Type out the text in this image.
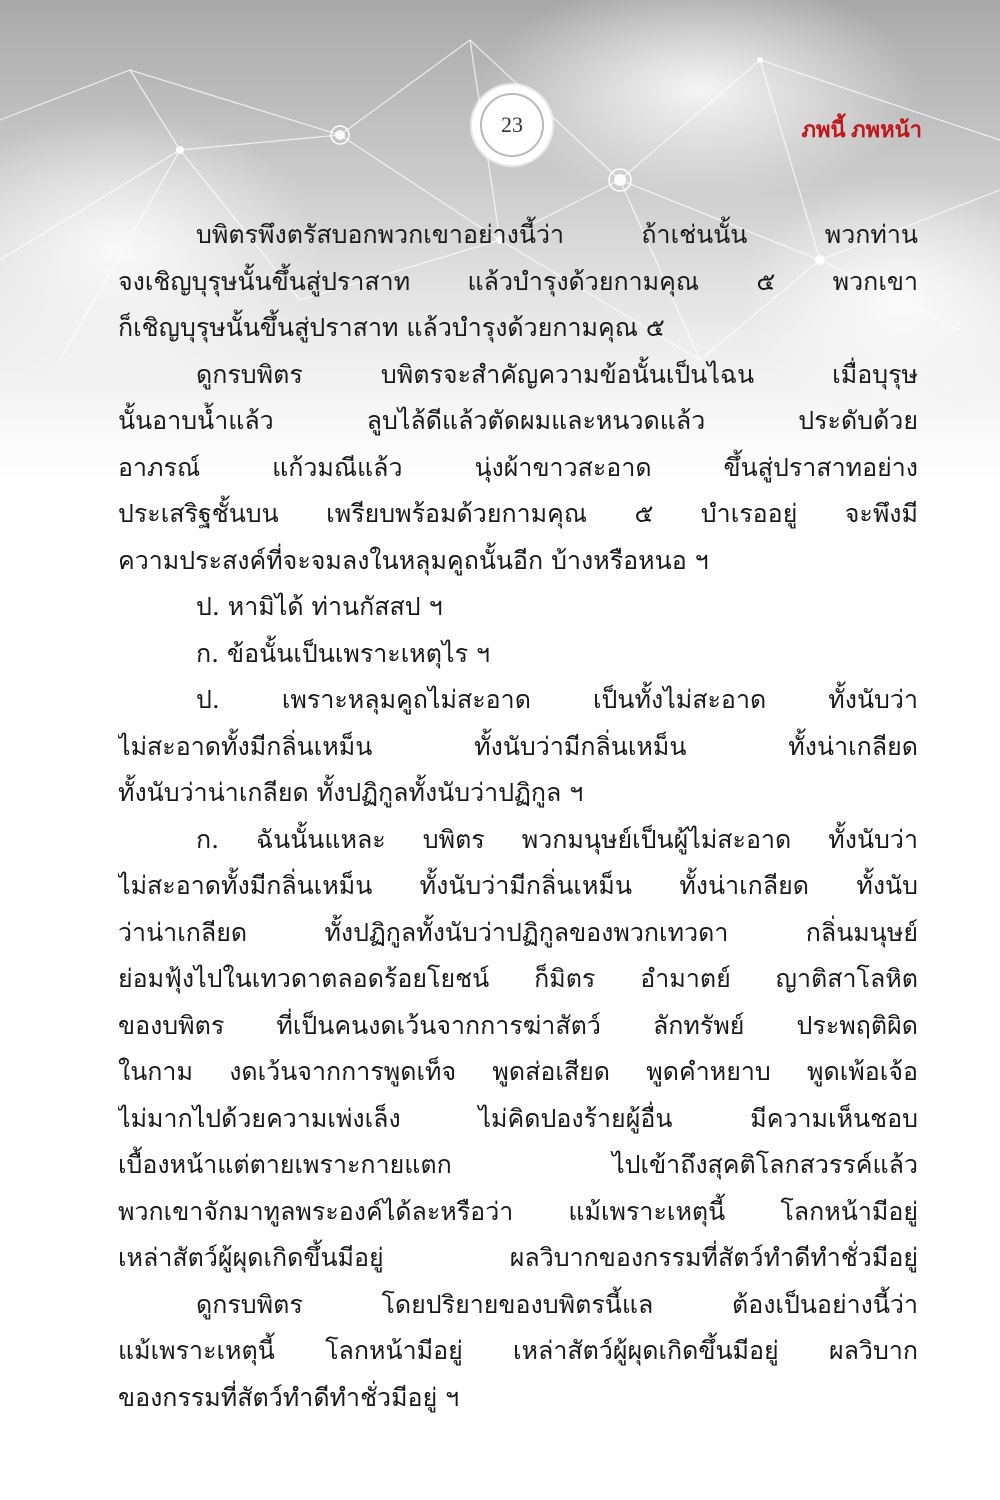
23	ภพนี้ ภพหน้า
บพิตรพึงตรัสบอกพวกเขาอย่างนี้ว่า ถ้าเช่นนั้น พวกท่าน
จงเชิญบุรุษนั้นขึ้นสู่ปราสาท แล้วบำรุงด้วยกามคุณ ๕ พวกเขา
ก็เชิญบุรุษนั้นขึ้นสู่ปราสาท แล้วบำรุงด้วยกามคุณ ๕
ดูกรบพิตร บพิตรจะสำคัญความข้อนั้นเป็นไฉน เมื่อบุรุษ
นั้นอาบน้ำแล้ว ลูบไล้ดีแล้วตัดผมและหนวดแล้ว ประดับด้วย
อาภรณ์ แก้วมณีแล้ว นุ่งผ้าขาวสะอาด ขึ้นสู่ปราสาทอย่าง
ประเสริฐชั้นบน เพรียบพร้อมด้วยกามคุณ ๕ บำเรออยู่ จะพึงมี
ความประสงค์ที่จะจมลงในหลุมคูถนั้นอีก บ้างหรือหนอ ฯ
ป. หามิได้ ท่านกัสสป ฯ
ก. ข้อนั้นเป็นเพราะเหตุไร ฯ
ป. เพราะหลุมคูถไม่สะอาด เป็นทั้งไม่สะอาด ทั้งนับว่า
ไม่สะอาดทั้งมีกลิ่นเหม็น ทั้งนับว่ามีกลิ่นเหม็น ทั้งน่าเกลียด
ทั้งนับว่าน่าเกลียด ทั้งปฏิกูลทั้งนับว่าปฏิกูล ฯ
ก. ฉันนั้นแหละ บพิตร พวกมนุษย์เป็นผู้ไม่สะอาด ทั้งนับว่า
ไม่สะอาดทั้งมีกลิ่นเหม็น ทั้งนับว่ามีกลิ่นเหม็น ทั้งน่าเกลียด ทั้งนับ
ว่าน่าเกลียด ทั้งปฏิกูลทั้งนับว่าปฏิกูลของพวกเทวดา กลิ่นมนุษย์
ย่อมฟุ้งไปในเทวดาตลอดร้อยโยชน์ ก็มิตร อำมาตย์ ญาติสาโลหิต
ของบพิตร ที่เป็นคนงดเว้นจากการฆ่าสัตว์ ลักทรัพย์ ประพฤติผิด
ในกาม งดเว้นจากการพูดเท็จ พูดส่อเสียด พูดคำหยาบ พูดเพ้อเจ้อ
ไม่มากไปด้วยความเพ่งเล็ง ไม่คิดปองร้ายผู้อื่น มีความเห็นชอบ
เบื้องหน้าแต่ตายเพราะกายแตก ไปเข้าถึงสุคติโลกสวรรค์แล้ว
พวกเขาจักมาทูลพระองค์ได้ละหรือว่า แม้เพราะเหตุนี้ โลกหน้ามีอยู่
เหล่าสัตว์ผู้ผุดเกิดขึ้นมีอยู่ ผลวิบากของกรรมที่สัตว์ทำดีทำชั่วมีอยู่
ดูกรบพิตร โดยปริยายของบพิตรนี้แล ต้องเป็นอย่างนี้ว่า
แม้เพราะเหตุนี้ โลกหน้ามีอยู่ เหล่าสัตว์ผู้ผุดเกิดขึ้นมีอยู่ ผลวิบาก
ของกรรมที่สัตว์ทำดีทำชั่วมีอยู่ ฯ
